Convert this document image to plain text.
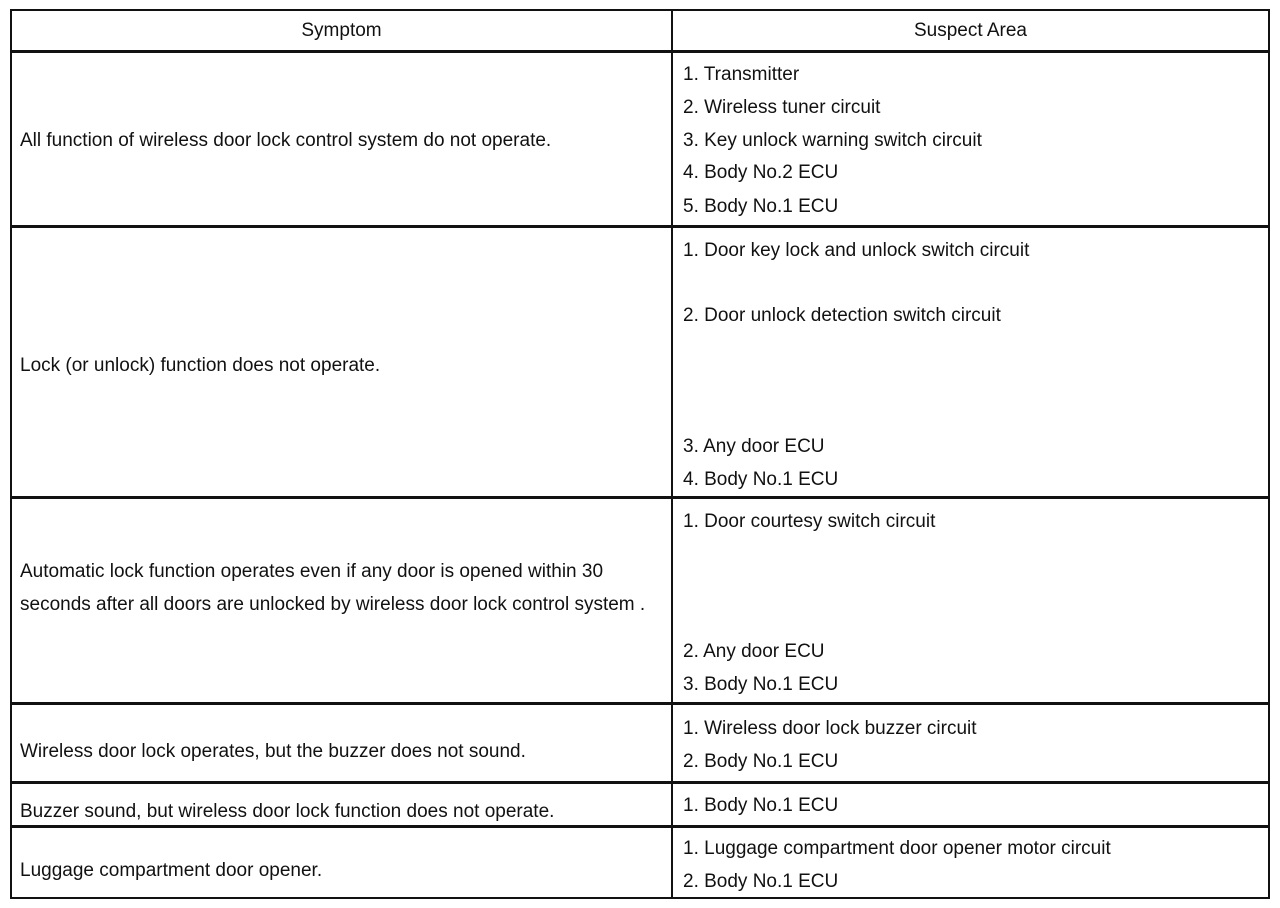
Symptom	Suspect Area
All function of wireless door lock control system do not operate.
1. Transmitter
2. Wireless tuner circuit
3. Key unlock warning switch circuit
4. Body No.2 ECU
5. Body No.1 ECU
Lock (or unlock) function does not operate.
1. Door key lock and unlock switch circuit
2. Door unlock detection switch circuit
3. Any door ECU
4. Body No.1 ECU
Automatic lock function operates even if any door is opened within 30 seconds after all doors are unlocked by wireless door lock control system .
1. Door courtesy switch circuit
2. Any door ECU
3. Body No.1 ECU
Wireless door lock operates, but the buzzer does not sound.
1. Wireless door lock buzzer circuit
2. Body No.1 ECU
Buzzer sound, but wireless door lock function does not operate.	1. Body No.1 ECU
Luggage compartment door opener.
1. Luggage compartment door opener motor circuit
2. Body No.1 ECU
